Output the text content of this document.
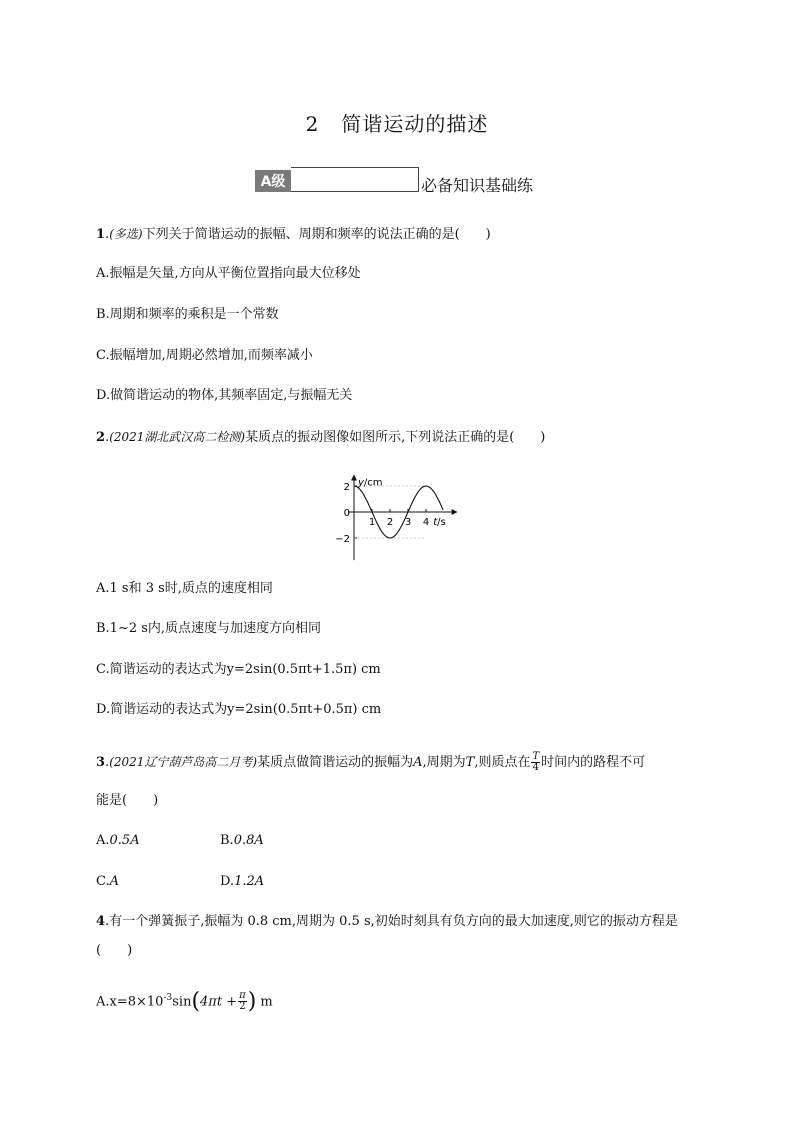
2 简谐运动的描述
A级	必备知识基础练
1.(多选)下列关于简谐运动的振幅、周期和频率的说法正确的是(　　)
A.振幅是矢量,方向从平衡位置指向最大位移处
B.周期和频率的乘积是一个常数
C.振幅增加,周期必然增加,而频率减小
D.做简谐运动的物体,其频率固定,与振幅无关
2.(2021湖北武汉高二检测)某质点的振动图像如图所示,下列说法正确的是(　　)
y/cm
t/s
2
0
−2
1 2 3 4
A.1 s和 3 s时,质点的速度相同
B.1~2 s内,质点速度与加速度方向相同
C.简谐运动的表达式为y=2sin(0.5πt+1.5π) cm
D.简谐运动的表达式为y=2sin(0.5πt+0.5π) cm
3.(2021辽宁葫芦岛高二月考)某质点做简谐运动的振幅为A,周期为T,则质点在 $\frac{T}{4}$ 时间内的路程不可
能是(　　)
A.0.5A	B.0.8A
C.A	D.1.2A
4.有一个弹簧振子,振幅为 0.8 cm,周期为 0.5 s,初始时刻具有负方向的最大加速度,则它的振动方程是
(　　)
$A.x=8\times 10^{-3}\sin(4\pi t + \frac{\pi}{2}$ ) m
